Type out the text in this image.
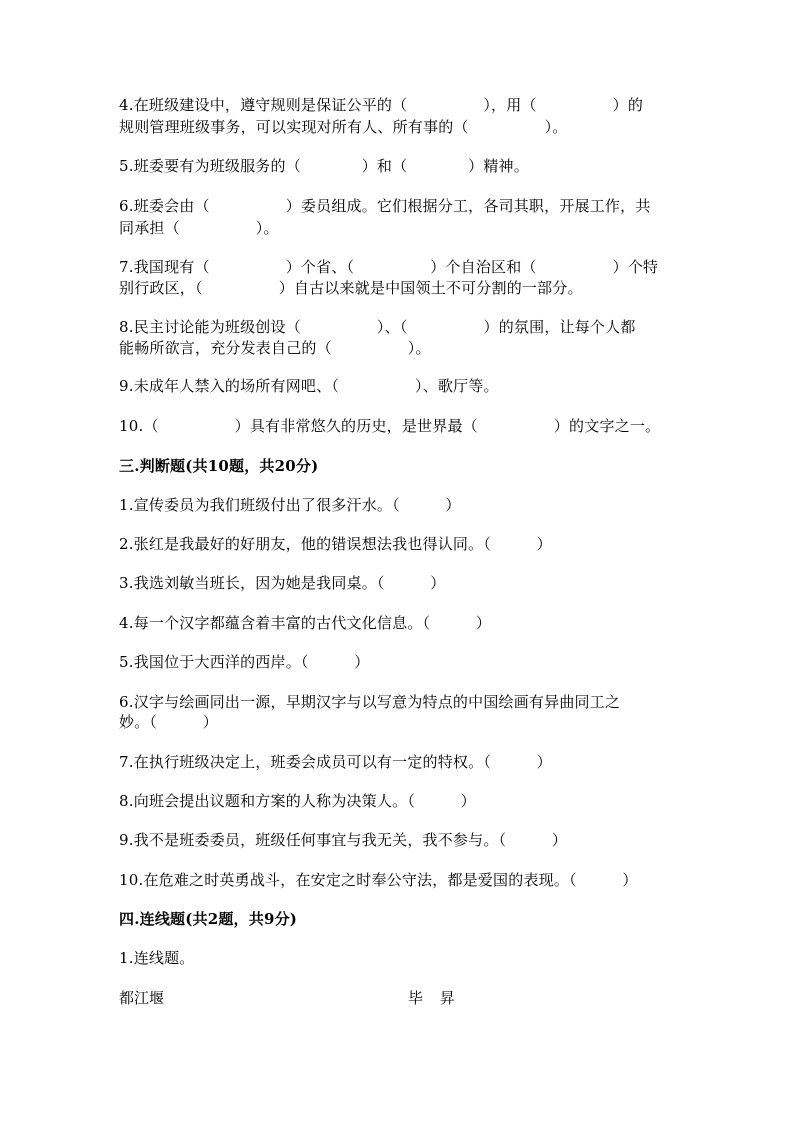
4.在班级建设中，遵守规则是保证公平的（　　　　　），用（　　　　　）的
规则管理班级事务，可以实现对所有人、所有事的（　　　　　）。
5.班委要有为班级服务的（　　　　）和（　　　　）精神。
6.班委会由（　　　　　）委员组成。它们根据分工，各司其职，开展工作，共
同承担（　　　　　）。
7.我国现有（　　　　　）个省、（　　　　　）个自治区和（　　　　　）个特
别行政区，（　　　　　）自古以来就是中国领土不可分割的一部分。
8.民主讨论能为班级创设（　　　　　）、（　　　　　）的氛围，让每个人都
能畅所欲言，充分发表自己的（　　　　　）。
9.未成年人禁入的场所有网吧、（　　　　　）、歌厅等。
10.（　　　　　）具有非常悠久的历史，是世界最（　　　　　）的文字之一。
三.判断题(共10题，共20分)
1.宣传委员为我们班级付出了很多汗水。（　　　）
2.张红是我最好的好朋友，他的错误想法我也得认同。（　　　）
3.我选刘敏当班长，因为她是我同桌。（　　　）
4.每一个汉字都蕴含着丰富的古代文化信息。（　　　）
5.我国位于大西洋的西岸。（　　　）
6.汉字与绘画同出一源，早期汉字与以写意为特点的中国绘画有异曲同工之
妙。（　　　）
7.在执行班级决定上，班委会成员可以有一定的特权。（　　　）
8.向班会提出议题和方案的人称为决策人。（　　　）
9.我不是班委委员，班级任何事宜与我无关，我不参与。（　　　）
10.在危难之时英勇战斗，在安定之时奉公守法，都是爱国的表现。（　　　）
四.连线题(共2题，共9分)
1.连线题。
都江堰	毕 昇
